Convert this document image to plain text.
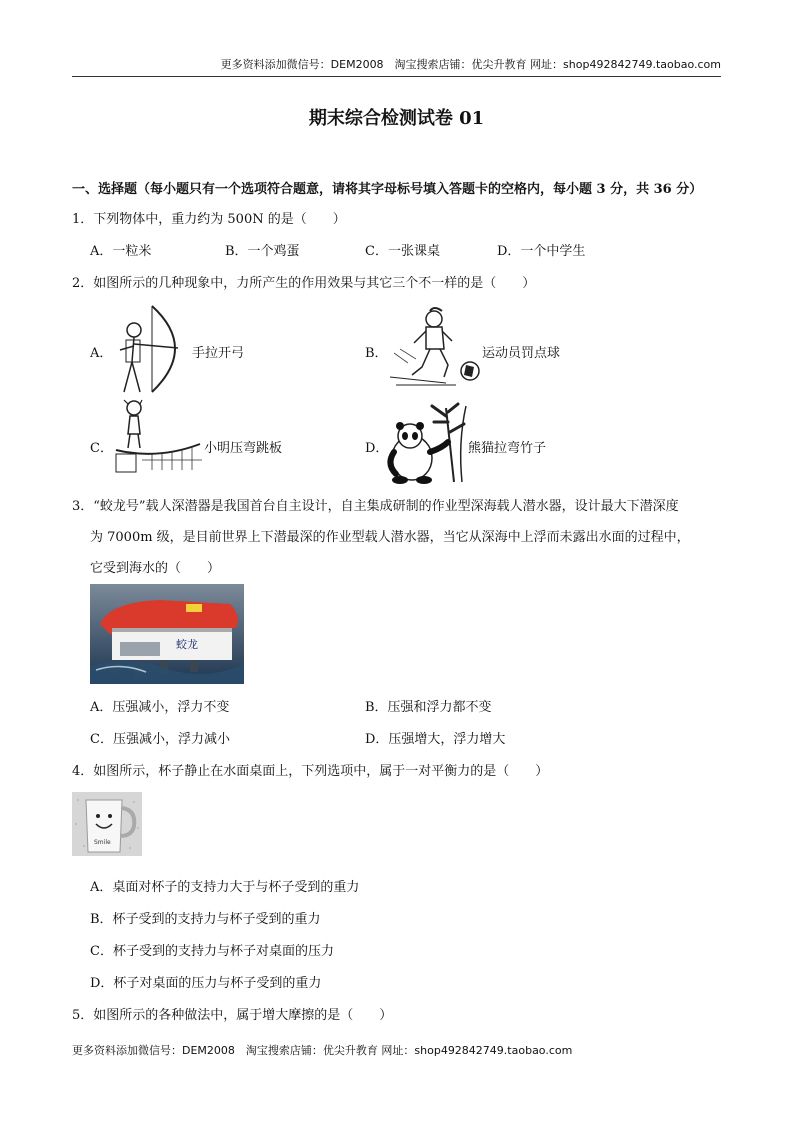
更多资料添加微信号：DEM2008　淘宝搜索店铺：优尖升教育 网址：shop492842749.taobao.com
期末综合检测试卷 01
一、选择题（每小题只有一个选项符合题意，请将其字母标号填入答题卡的空格内，每小题 3 分，共 36 分）
1．下列物体中，重力约为 500N 的是（　　）
A．一粒米	B．一个鸡蛋	C．一张课桌	D．一个中学生
2．如图所示的几种现象中，力所产生的作用效果与其它三个不一样的是（　　）
A．	手拉开弓	B．	运动员罚点球
C．	小明压弯跳板	D．	熊猫拉弯竹子
3．“蛟龙号”载人深潜器是我国首台自主设计，自主集成研制的作业型深海载人潜水器，设计最大下潜深度
为 7000m 级，是目前世界上下潜最深的作业型载人潜水器，当它从深海中上浮而未露出水面的过程中，
它受到海水的（　　）
蛟龙
A．压强减小，浮力不变	B．压强和浮力都不变
C．压强减小，浮力减小	D．压强增大，浮力增大
4．如图所示，杯子静止在水面桌面上，下列选项中，属于一对平衡力的是（　　）
Smile
A．桌面对杯子的支持力大于与杯子受到的重力
B．杯子受到的支持力与杯子受到的重力
C．杯子受到的支持力与杯子对桌面的压力
D．杯子对桌面的压力与杯子受到的重力
5．如图所示的各种做法中，属于增大摩擦的是（　　）
更多资料添加微信号：DEM2008　淘宝搜索店铺：优尖升教育 网址：shop492842749.taobao.com
